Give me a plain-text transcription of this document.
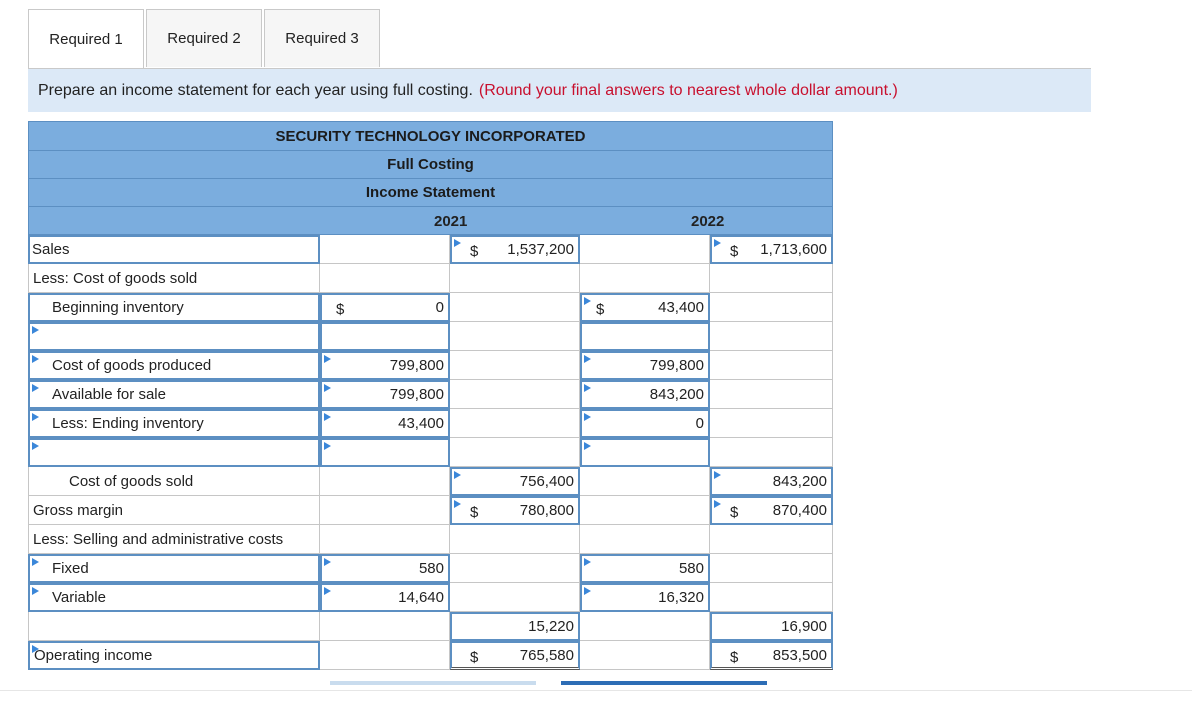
Required 1	Required 2	Required 3
Prepare an income statement for each year using full costing. (Round your final answers to nearest whole dollar amount.)
SECURITY TECHNOLOGY INCORPORATED
Full Costing
Income Statement
2021	2022
Sales	$ 1,537,200	$ 1,713,600
Less: Cost of goods sold
Beginning inventory	$	0	$	43,400
Cost of goods produced	799,800	799,800
Available for sale	799,800	843,200
Less: Ending inventory	43,400	0
Cost of goods sold	756,400	843,200
Gross margin	$	780,800	$ 870,400
Less: Selling and administrative costs
Fixed	580	580
Variable	14,640	16,320
15,220	16,900
Operating income	$	765,580	$ 853,500
